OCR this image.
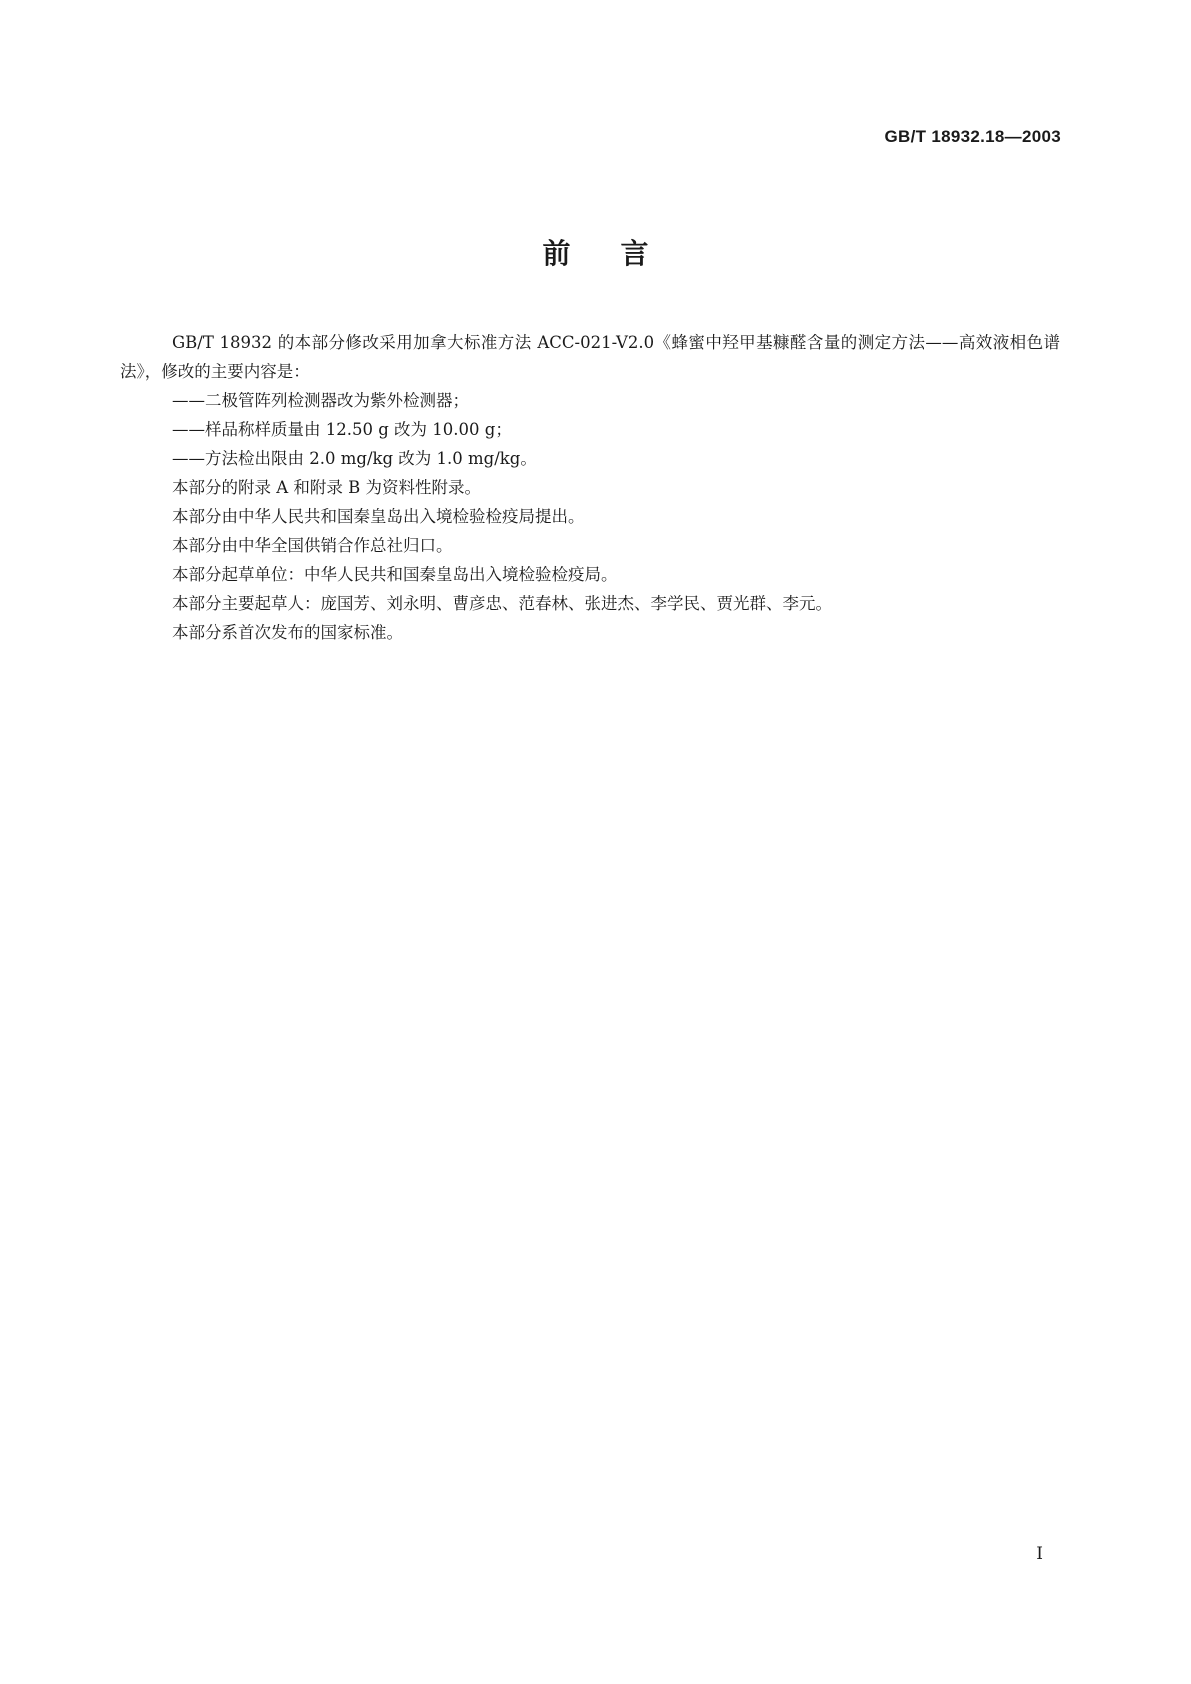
GB/T 18932.18—2003
前言

GB/T 18932 的本部分修改采用加拿大标准方法 ACC-021-V2.0《蜂蜜中羟甲基糠醛含量的测定方法——高效液相色谱法》，修改的主要内容是：

——二极管阵列检测器改为紫外检测器；

——样品称样质量由 12.50 g 改为 10.00 g；

——方法检出限由 2.0 mg/kg 改为 1.0 mg/kg。

本部分的附录 A 和附录 B 为资料性附录。

本部分由中华人民共和国秦皇岛出入境检验检疫局提出。

本部分由中华全国供销合作总社归口。

本部分起草单位：中华人民共和国秦皇岛出入境检验检疫局。

本部分主要起草人：庞国芳、刘永明、曹彦忠、范春林、张进杰、李学民、贾光群、李元。

本部分系首次发布的国家标准。

I
